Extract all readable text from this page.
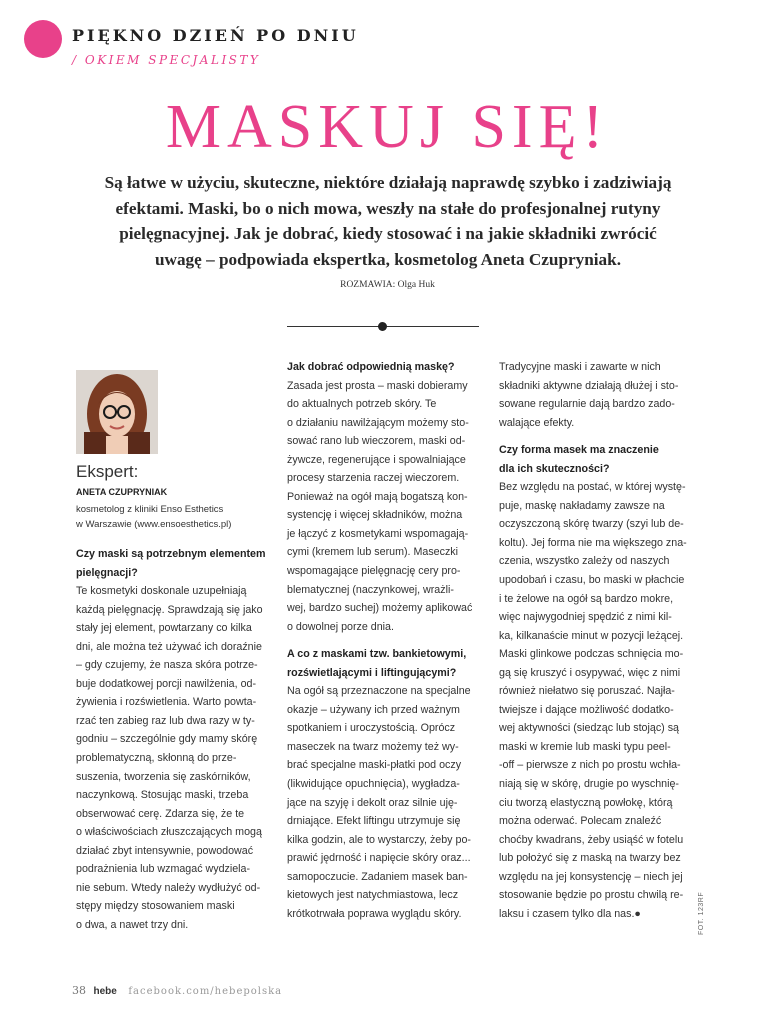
PIĘKNO DZIEŃ PO DNIU
/ OKIEM SPECJALISTY
MASKUJ SIĘ!
Są łatwe w użyciu, skuteczne, niektóre działają naprawdę szybko i zadziwiają
efektami. Maski, bo o nich mowa, weszły na stałe do profesjonalnej rutyny
pielęgnacyjnej. Jak je dobrać, kiedy stosować i na jakie składniki zwrócić
uwagę – podpowiada ekspertka, kosmetolog Aneta Czupryniak.
ROZMAWIA: Olga Huk
Ekspert:
ANETA CZUPRYNIAK
kosmetolog z kliniki Enso Esthetics
w Warszawie (www.ensoesthetics.pl)

Czy maski są potrzebnym elementem

pielęgnacji?

Te kosmetyki doskonale uzupełniają

każdą pielęgnację. Sprawdzają się jako

stały jej element, powtarzany co kilka

dni, ale można też używać ich doraźnie

– gdy czujemy, że nasza skóra potrze-

buje dodatkowej porcji nawilżenia, od-

żywienia i rozświetlenia. Warto powta-

rzać ten zabieg raz lub dwa razy w ty-

godniu – szczególnie gdy mamy skórę

problematyczną, skłonną do prze-

suszenia, tworzenia się zaskórników,

naczynkową. Stosując maski, trzeba

obserwować cerę. Zdarza się, że te

o właściwościach złuszczających mogą

działać zbyt intensywnie, powodować

podrażnienia lub wzmagać wydziela-

nie sebum. Wtedy należy wydłużyć od-

stępy między stosowaniem maski

o dwa, a nawet trzy dni.

Jak dobrać odpowiednią maskę?

Zasada jest prosta – maski dobieramy

do aktualnych potrzeb skóry. Te

o działaniu nawilżającym możemy sto-

sować rano lub wieczorem, maski od-

żywcze, regenerujące i spowalniające

procesy starzenia raczej wieczorem.

Ponieważ na ogół mają bogatszą kon-

systencję i więcej składników, można

je łączyć z kosmetykami wspomagają-

cymi (kremem lub serum). Maseczki

wspomagające pielęgnację cery pro-

blematycznej (naczynkowej, wrażli-

wej, bardzo suchej) możemy aplikować

o dowolnej porze dnia.

A co z maskami tzw. bankietowymi,

rozświetlającymi i liftingującymi?

Na ogół są przeznaczone na specjalne

okazje – używany ich przed ważnym

spotkaniem i uroczystością. Oprócz

maseczek na twarz możemy też wy-

brać specjalne maski-płatki pod oczy

(likwidujące opuchnięcia), wygładza-

jące na szyję i dekolt oraz silnie uję-

drniające. Efekt liftingu utrzymuje się

kilka godzin, ale to wystarczy, żeby po-

prawić jędrność i napięcie skóry oraz...

samopoczucie. Zadaniem masek ban-

kietowych jest natychmiastowa, lecz

krótkotrwała poprawa wyglądu skóry.

Tradycyjne maski i zawarte w nich

składniki aktywne działają dłużej i sto-

sowane regularnie dają bardzo zado-

walające efekty.

Czy forma masek ma znaczenie

dla ich skuteczności?

Bez względu na postać, w której wystę-

puje, maskę nakładamy zawsze na

oczyszczoną skórę twarzy (szyi lub de-

koltu). Jej forma nie ma większego zna-

czenia, wszystko zależy od naszych

upodobań i czasu, bo maski w płachcie

i te żelowe na ogół są bardzo mokre,

więc najwygodniej spędzić z nimi kil-

ka, kilkanaście minut w pozycji leżącej.

Maski glinkowe podczas schnięcia mo-

gą się kruszyć i osypywać, więc z nimi

również niełatwo się poruszać. Najła-

twiejsze i dające możliwość dodatko-

wej aktywności (siedząc lub stojąc) są

maski w kremie lub maski typu peel-

-off – pierwsze z nich po prostu wchła-

niają się w skórę, drugie po wyschnię-

ciu tworzą elastyczną powłokę, którą

można oderwać. Polecam znaleźć

choćby kwadrans, żeby usiąść w fotelu

lub położyć się z maską na twarzy bez

względu na jej konsystencję – niech jej

stosowanie będzie po prostu chwilą re-

laksu i czasem tylko dla nas.●	FOT. 123RF
38 hebe facebook.com/hebepolska
